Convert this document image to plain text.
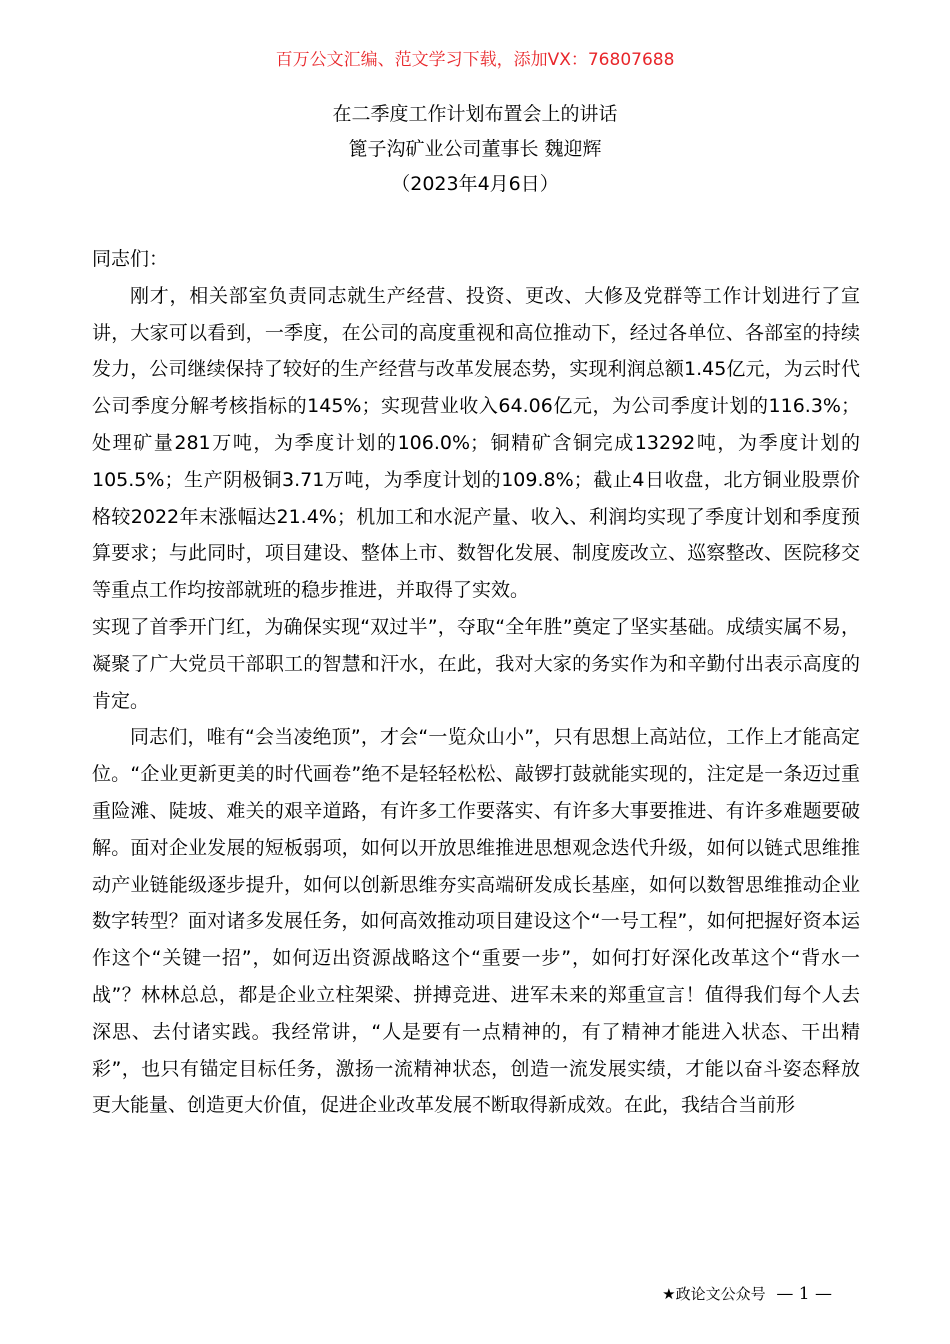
百万公文汇编、范文学习下载，添加VX：76807688
在二季度工作计划布置会上的讲话
篦子沟矿业公司董事长 魏迎辉
（2023年4月6日）

同志们：

刚才，相关部室负责同志就生产经营、投资、更改、大修及党群等工作计划进行了宣讲，大家可以看到，一季度，在公司的高度重视和高位推动下，经过各单位、各部室的持续发力，公司继续保持了较好的生产经营与改革发展态势，实现利润总额1.45亿元，为云时代公司季度分解考核指标的145%；实现营业收入64.06亿元，为公司季度计划的116.3%；处理矿量281万吨，为季度计划的106.0%；铜精矿含铜完成13292吨，为季度计划的105.5%；生产阴极铜3.71万吨，为季度计划的109.8%；截止4日收盘，北方铜业股票价格较2022年末涨幅达21.4%；机加工和水泥产量、收入、利润均实现了季度计划和季度预算要求；与此同时，项目建设、整体上市、数智化发展、制度废改立、巡察整改、医院移交等重点工作均按部就班的稳步推进，并取得了实效。

实现了首季开门红，为确保实现“双过半”，夺取“全年胜”奠定了坚实基础。成绩实属不易，凝聚了广大党员干部职工的智慧和汗水，在此，我对大家的务实作为和辛勤付出表示高度的肯定。

同志们，唯有“会当凌绝顶”，才会“一览众山小”，只有思想上高站位，工作上才能高定位。“企业更新更美的时代画卷”绝不是轻轻松松、敲锣打鼓就能实现的，注定是一条迈过重重险滩、陡坡、难关的艰辛道路，有许多工作要落实、有许多大事要推进、有许多难题要破解。面对企业发展的短板弱项，如何以开放思维推进思想观念迭代升级，如何以链式思维推动产业链能级逐步提升，如何以创新思维夯实高端研发成长基座，如何以数智思维推动企业数字转型？面对诸多发展任务，如何高效推动项目建设这个“一号工程”，如何把握好资本运作这个“关键一招”，如何迈出资源战略这个“重要一步”，如何打好深化改革这个“背水一战”？林林总总，都是企业立柱架梁、拼搏竞进、进军未来的郑重宣言！值得我们每个人去深思、去付诸实践。我经常讲，“人是要有一点精神的，有了精神才能进入状态、干出精彩”，也只有锚定目标任务，激扬一流精神状态，创造一流发展实绩，才能以奋斗姿态释放更大能量、创造更大价值，促进企业改革发展不断取得新成效。在此，我结合当前形

★政论文公众号 — 1 —
